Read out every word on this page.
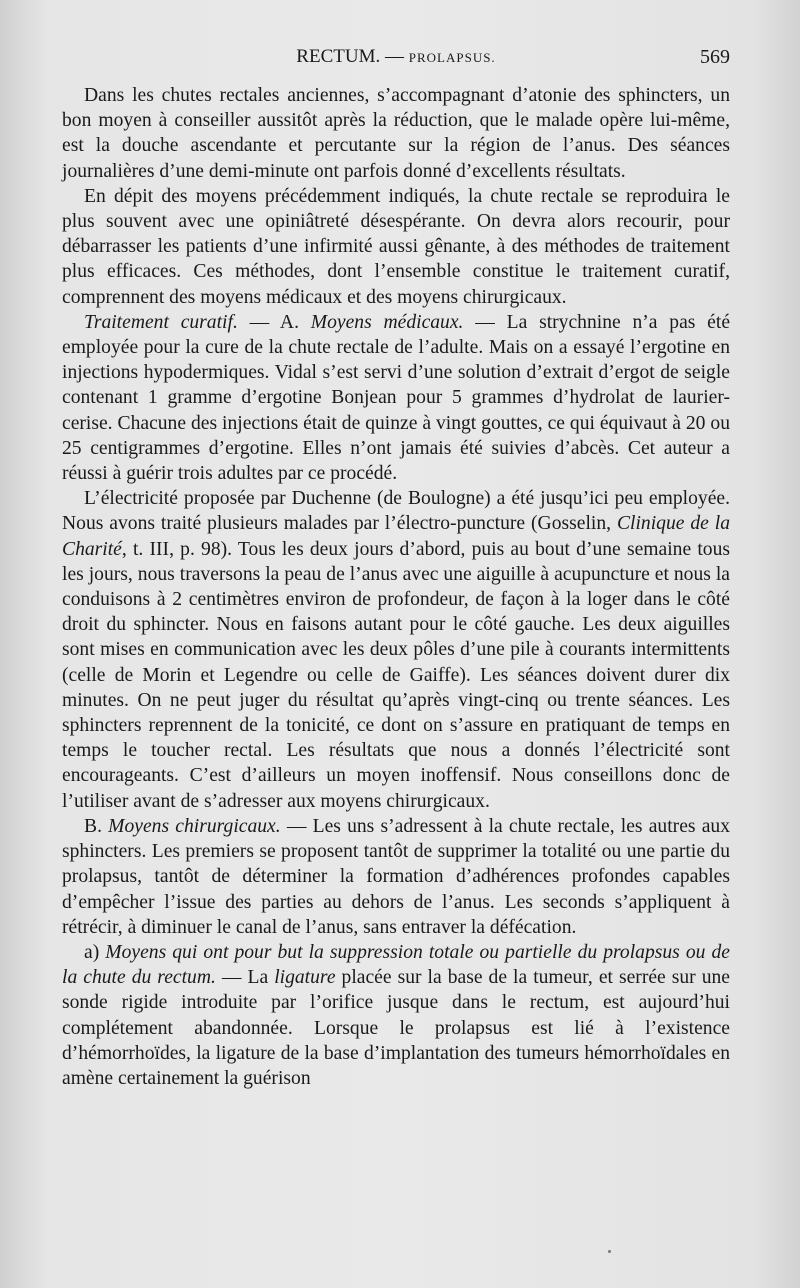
RECTUM. — PROLAPSUS.	569

Dans les chutes rectales anciennes, s’accompagnant d’atonie des sphincters, un bon moyen à conseiller aussitôt après la réduction, que le malade opère lui-même, est la douche ascendante et percutante sur la région de l’anus. Des séances journalières d’une demi-minute ont parfois donné d’excellents résultats.

En dépit des moyens précédemment indiqués, la chute rectale se reproduira le plus souvent avec une opiniâtreté désespérante. On devra alors recourir, pour débarrasser les patients d’une infirmité aussi gênante, à des méthodes de traitement plus efficaces. Ces méthodes, dont l’ensemble constitue le traitement curatif, comprennent des moyens médicaux et des moyens chirurgicaux.

Traitement curatif. — A. Moyens médicaux. — La strychnine n’a pas été employée pour la cure de la chute rectale de l’adulte. Mais on a essayé l’ergotine en injections hypodermiques. Vidal s’est servi d’une solution d’extrait d’ergot de seigle contenant 1 gramme d’ergotine Bonjean pour 5 grammes d’hydrolat de laurier-cerise. Chacune des injections était de quinze à vingt gouttes, ce qui équivaut à 20 ou 25 centigrammes d’ergotine. Elles n’ont jamais été suivies d’abcès. Cet auteur a réussi à guérir trois adultes par ce procédé.

L’électricité proposée par Duchenne (de Boulogne) a été jusqu’ici peu employée. Nous avons traité plusieurs malades par l’électro-puncture (Gosselin, Clinique de la Charité, t. III, p. 98). Tous les deux jours d’abord, puis au bout d’une semaine tous les jours, nous traversons la peau de l’anus avec une aiguille à acupuncture et nous la conduisons à 2 centimètres environ de profondeur, de façon à la loger dans le côté droit du sphincter. Nous en faisons autant pour le côté gauche. Les deux aiguilles sont mises en communication avec les deux pôles d’une pile à courants intermittents (celle de Morin et Legendre ou celle de Gaiffe). Les séances doivent durer dix minutes. On ne peut juger du résultat qu’après vingt-cinq ou trente séances. Les sphincters reprennent de la tonicité, ce dont on s’assure en pratiquant de temps en temps le toucher rectal. Les résultats que nous a donnés l’électricité sont encourageants. C’est d’ailleurs un moyen inoffensif. Nous conseillons donc de l’utiliser avant de s’adresser aux moyens chirurgicaux.

B. Moyens chirurgicaux. — Les uns s’adressent à la chute rectale, les autres aux sphincters. Les premiers se proposent tantôt de supprimer la totalité ou une partie du prolapsus, tantôt de déterminer la formation d’adhérences profondes capables d’empêcher l’issue des parties au dehors de l’anus. Les seconds s’appliquent à rétrécir, à diminuer le canal de l’anus, sans entraver la défécation.

a) Moyens qui ont pour but la suppression totale ou partielle du prolapsus ou de la chute du rectum. — La ligature placée sur la base de la tumeur, et serrée sur une sonde rigide introduite par l’orifice jusque dans le rectum, est aujourd’hui complétement abandonnée. Lorsque le prolapsus est lié à l’existence d’hémorrhoïdes, la ligature de la base d’implantation des tumeurs hémorrhoïdales en amène certainement la guérison
